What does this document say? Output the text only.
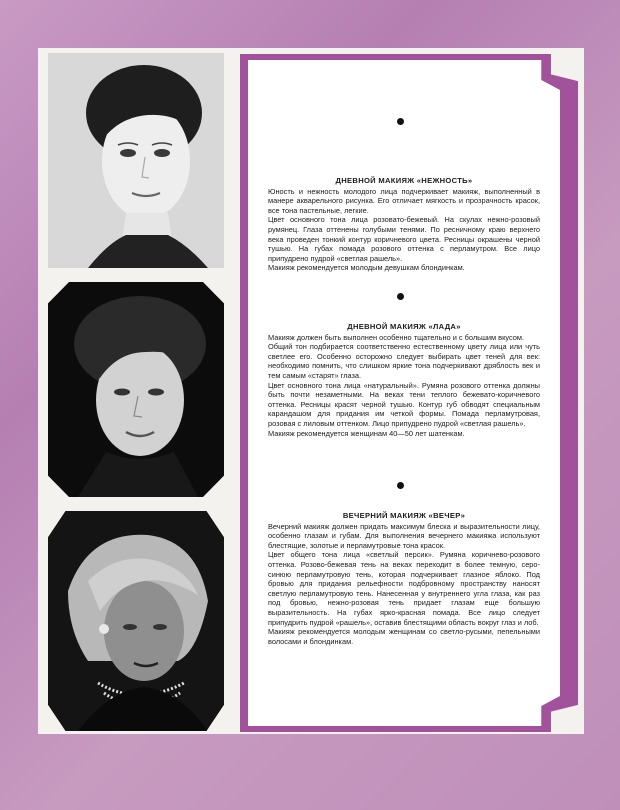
ДНЕВНОЙ МАКИЯЖ «НЕЖНОСТЬ»

Юность и нежность молодого лица подчеркивает макияж, выполненный в манере акварельного рисунка. Его отличает мягкость и прозрачность красок, все тона пастельные, легкие.

Цвет основного тона лица розовато-бежевый. На скулах нежно-розовый румянец. Глаза оттенены голубыми тенями. По ресничному краю верхнего века проведен тонкий контур коричневого цвета. Ресницы окрашены черной тушью. На губах помада розового оттенка с перламутром. Все лицо припудрено пудрой «светлая рашель».

Макияж рекомендуется молодым девушкам блондинкам.

ДНЕВНОЙ МАКИЯЖ «ЛАДА»

Макияж должен быть выполнен особенно тщательно и с большим вкусом.

Общий тон подбирается соответственно естественному цвету лица или чуть светлее его. Особенно осторожно следует выбирать цвет теней для век: необходимо помнить, что слишком яркие тона подчеркивают дряблость век и тем самым «старят» глаза.

Цвет основного тона лица «натуральный». Румяна розового оттенка должны быть почти незаметными. На веках тени теплого бежевато-коричневого оттенка. Ресницы красят черной тушью. Контур губ обводят специальным карандашом для придания им четкой формы. Помада перламутровая, розовая с лиловым оттенком. Лицо припудрено пудрой «светлая рашель».

Макияж рекомендуется женщинам 40—50 лет шатенкам.

ВЕЧЕРНИЙ МАКИЯЖ «ВЕЧЕР»

Вечерний макияж должен придать максимум блеска и выразительности лицу, особенно глазам и губам. Для выполнения вечернего макияжа используют блестящие, золотые и перламутровые тона красок.

Цвет общего тона лица «светлый персик». Румяна коричнево-розового оттенка. Розово-бежевая тень на веках переходит в более темную, серо-синюю перламутровую тень, которая подчеркивает глазное яблоко. Под бровью для придания рельефности подбровному пространству наносят светлую перламутровую тень. Нанесенная у внутреннего угла глаза, как раз под бровью, нежно-розовая тень придает глазам еще большую выразительность. На губах ярко-красная помада. Все лицо следует припудрить пудрой «рашель», оставив блестящими область вокруг глаз и лоб.

Макияж рекомендуется молодым женщинам со светло-русыми, пепельными волосами и блондинкам.
